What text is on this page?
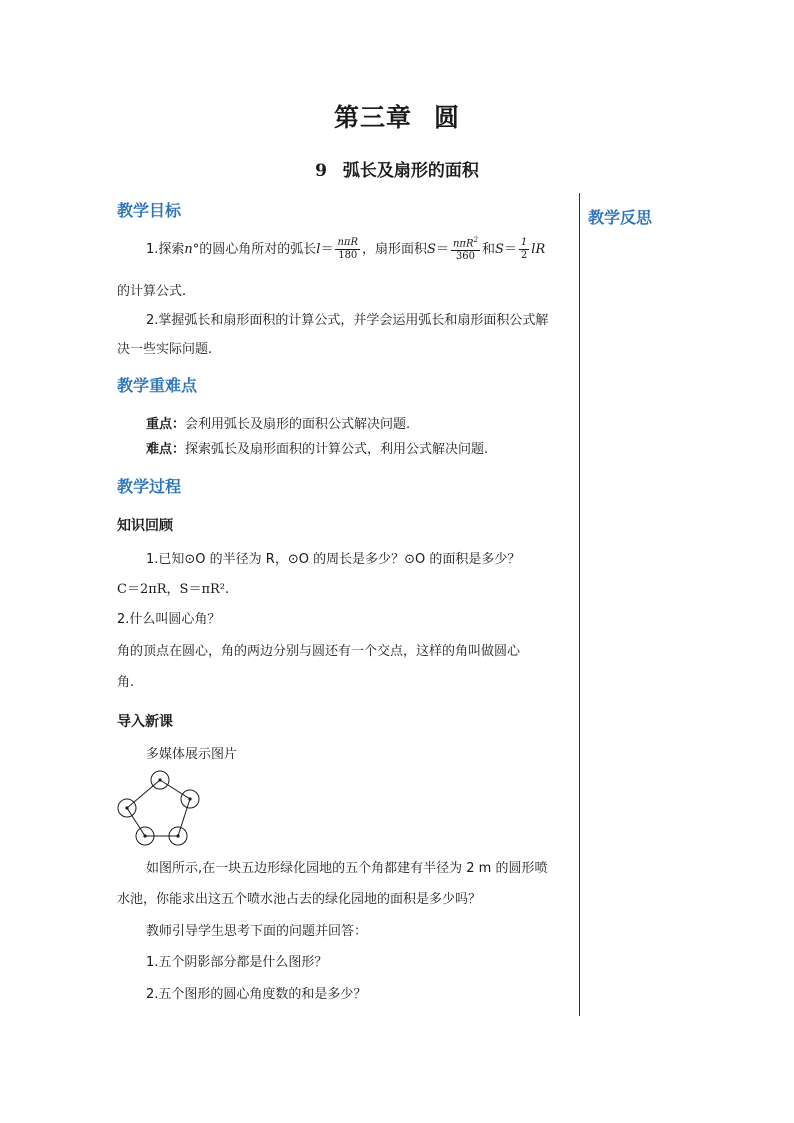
第三章 圆
9 弧长及扇形的面积
教学反思
教学目标
1.探索n°的圆心角所对的弧长$l= \frac{\text{nπR}}{180}$ ，扇形面积$S= \frac{n\pi R^2}{360}$ 和$S= \frac{1}{2}$ lR
的计算公式.
2.掌握弧长和扇形面积的计算公式，并学会运用弧长和扇形面积公式解
决一些实际问题.
教学重难点
重点：会利用弧长及扇形的面积公式解决问题.
难点：探索弧长及扇形面积的计算公式，利用公式解决问题.
教学过程
知识回顾
1.已知⊙O 的半径为 R，⊙O 的周长是多少？⊙O 的面积是多少？
C＝2πR，S＝πR².
2.什么叫圆心角？
角的顶点在圆心，角的两边分别与圆还有一个交点，这样的角叫做圆心
角.
导入新课
多媒体展示图片
如图所示,在一块五边形绿化园地的五个角都建有半径为 2 m 的圆形喷
水池，你能求出这五个喷水池占去的绿化园地的面积是多少吗？
教师引导学生思考下面的问题并回答：
1.五个阴影部分都是什么图形？
2.五个图形的圆心角度数的和是多少？
